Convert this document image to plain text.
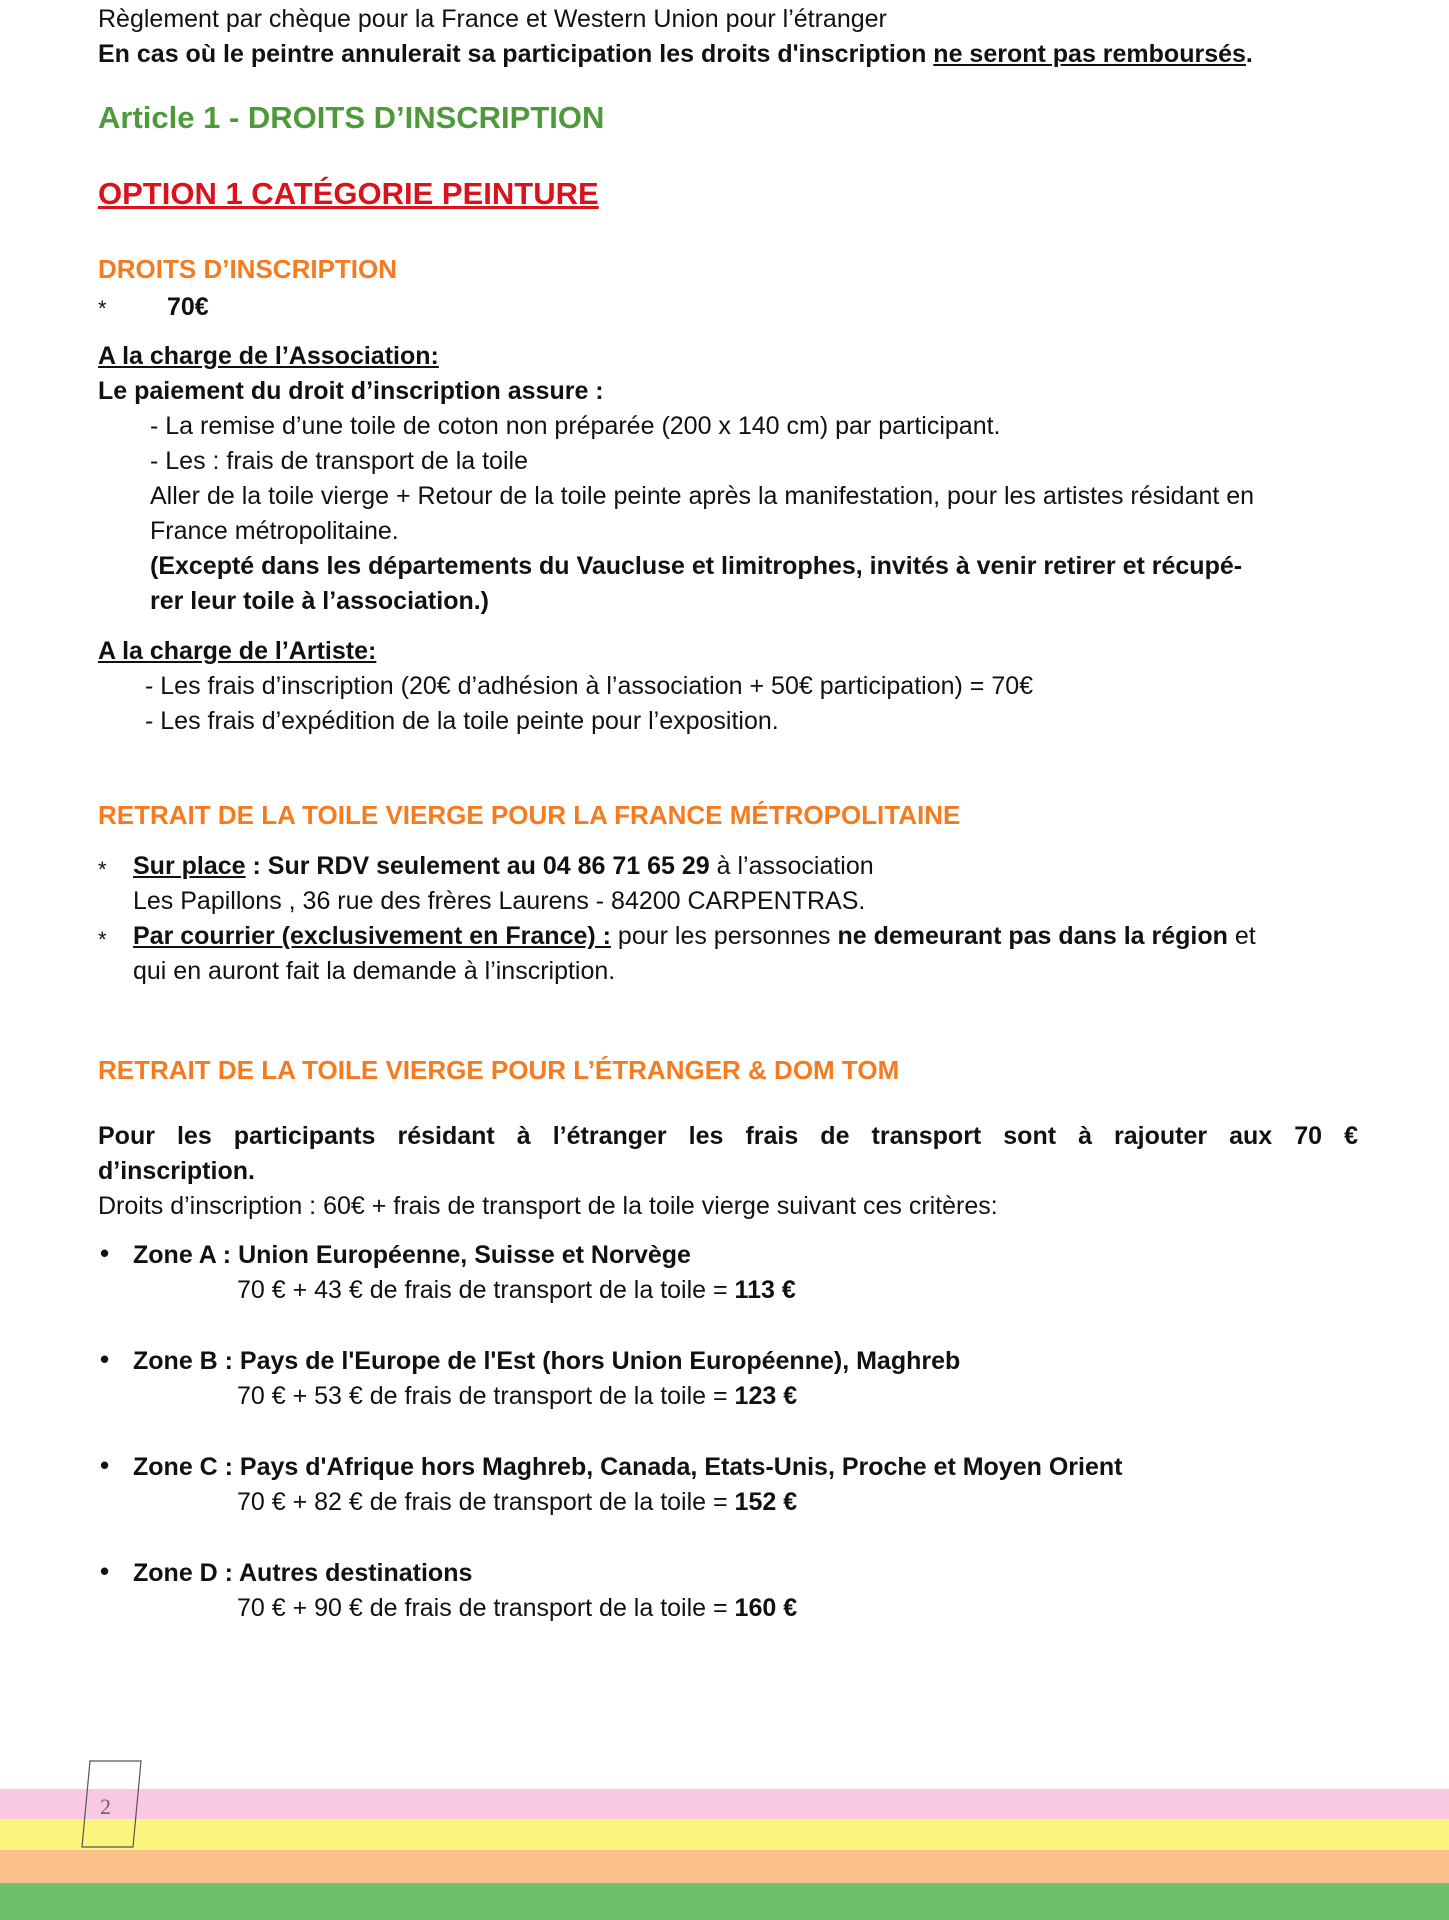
Règlement par chèque pour la France et Western Union pour l’étranger

En cas où le peintre annulerait sa participation les droits d'inscription ne seront pas remboursés.

Article 1 - DROITS D’INSCRIPTION

OPTION 1 CATÉGORIE PEINTURE

DROITS D’INSCRIPTION

* 70€

A la charge de l’Association:

Le paiement du droit d’inscription assure :

- La remise d’une toile de coton non préparée (200 x 140 cm) par participant.

- Les : frais de transport de la toile

Aller de la toile vierge + Retour de la toile peinte après la manifestation, pour les artistes résidant en

France métropolitaine.

(Excepté dans les départements du Vaucluse et limitrophes, invités à venir retirer et récupé-

rer leur toile à l’association.)

A la charge de l’Artiste:

- Les frais d’inscription (20€ d’adhésion à l’association + 50€ participation) = 70€

- Les frais d’expédition de la toile peinte pour l’exposition.

RETRAIT DE LA TOILE VIERGE POUR LA FRANCE MÉTROPOLITAINE

* Sur place : Sur RDV seulement au 04 86 71 65 29 à l’association

Les Papillons , 36 rue des frères Laurens - 84200 CARPENTRAS.

* Par courrier (exclusivement en France) : pour les personnes ne demeurant pas dans la région et

qui en auront fait la demande à l’inscription.

RETRAIT DE LA TOILE VIERGE POUR L’ÉTRANGER & DOM TOM

Pour les participants résidant à l’étranger les frais de transport sont à rajouter aux 70 €

d’inscription.

Droits d’inscription : 60€ + frais de transport de la toile vierge suivant ces critères:

• Zone A : Union Européenne, Suisse et Norvège

70 € + 43 € de frais de transport de la toile = 113 €

• Zone B : Pays de l'Europe de l'Est (hors Union Européenne), Maghreb

70 € + 53 € de frais de transport de la toile = 123 €

• Zone C : Pays d'Afrique hors Maghreb, Canada, Etats-Unis, Proche et Moyen Orient

70 € + 82 € de frais de transport de la toile = 152 €

• Zone D : Autres destinations

70 € + 90 € de frais de transport de la toile = 160 €

2
